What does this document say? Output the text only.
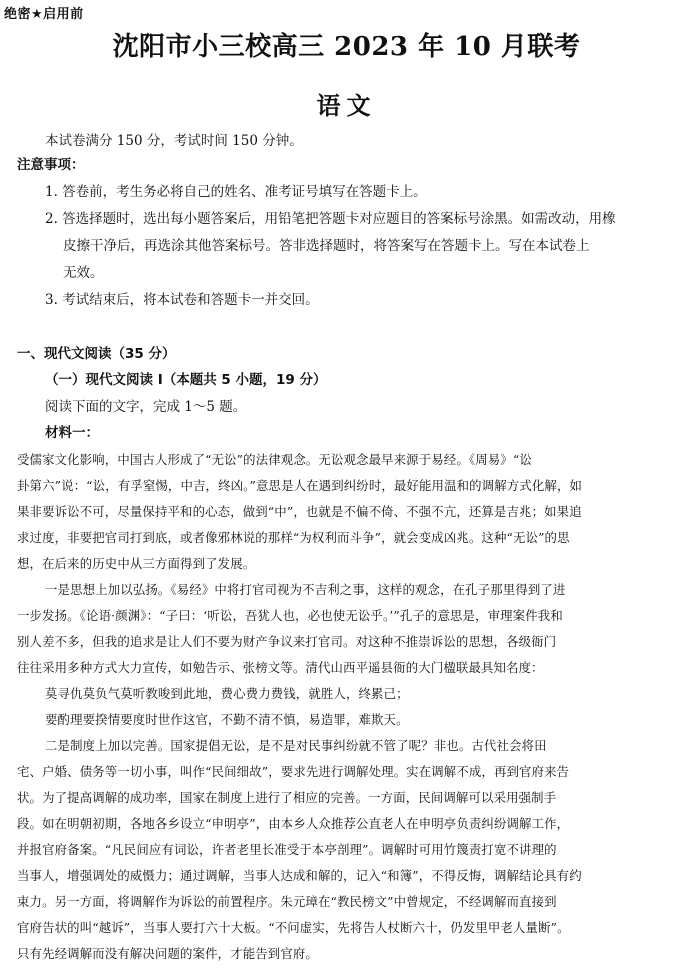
绝密★启用前
沈阳市小三校高三 2023 年 10 月联考
语文
本试卷满分 150 分，考试时间 150 分钟。
注意事项：
1. 答卷前，考生务必将自己的姓名、准考证号填写在答题卡上。
2. 答选择题时，选出每小题答案后，用铅笔把答题卡对应题目的答案标号涂黑。如需改动，用橡
皮擦干净后，再选涂其他答案标号。答非选择题时，将答案写在答题卡上。写在本试卷上
无效。
3. 考试结束后，将本试卷和答题卡一并交回。
一、现代文阅读（35 分）
（一）现代文阅读 Ⅰ（本题共 5 小题，19 分）
阅读下面的文字，完成 1～5 题。
材料一：
受儒家文化影响，中国古人形成了“无讼”的法律观念。无讼观念最早来源于易经。《周易》“讼
卦第六”说：“讼，有孚窒惕，中吉，终凶。”意思是人在遇到纠纷时，最好能用温和的调解方式化解，如
果非要诉讼不可，尽量保持平和的心态，做到“中”，也就是不偏不倚、不强不亢，还算是吉兆；如果追
求过度，非要把官司打到底，或者像邪林说的那样“为权利而斗争”，就会变成凶兆。这种“无讼”的思
想，在后来的历史中从三方面得到了发展。
一是思想上加以弘扬。《易经》中将打官司视为不吉利之事，这样的观念，在孔子那里得到了进
一步发扬。《论语·颜渊》：“子曰：‘听讼，吾犹人也，必也使无讼乎。’”孔子的意思是，审理案件我和
别人差不多，但我的追求是让人们不要为财产争议来打官司。对这种不推崇诉讼的思想，各级衙门
往往采用多种方式大力宣传，如勉告示、张榜文等。清代山西平遥县衙的大门楹联最具知名度：
莫寻仇莫负气莫听教唆到此地，费心费力费钱，就胜人，终累己；
要酌理要揆情要度时世作这官，不勤不清不慎，易造罪，难欺天。
二是制度上加以完善。国家提倡无讼，是不是对民事纠纷就不管了呢？非也。古代社会将田
宅、户婚、债务等一切小事，叫作“民间细故”，要求先进行调解处理。实在调解不成，再到官府来告
状。为了提高调解的成功率，国家在制度上进行了相应的完善。一方面，民间调解可以采用强制手
段。如在明朝初期，各地各乡设立“申明亭”，由本乡人众推荐公直老人在申明亭负责纠纷调解工作，
并报官府备案。“凡民间应有词讼，许者老里长准受于本亭剖理”。调解时可用竹篾责打宽不讲理的
当事人，增强调处的威慑力；通过调解，当事人达成和解的，记入“和簿”，不得反悔，调解结论具有约
束力。另一方面，将调解作为诉讼的前置程序。朱元璋在“教民榜文”中曾规定，不经调解而直接到
官府告状的叫“越诉”，当事人要打六十大板。“不问虚实，先将告人杖断六十，仍发里甲老人量断”。
只有先经调解而没有解决问题的案件，才能告到官府。
